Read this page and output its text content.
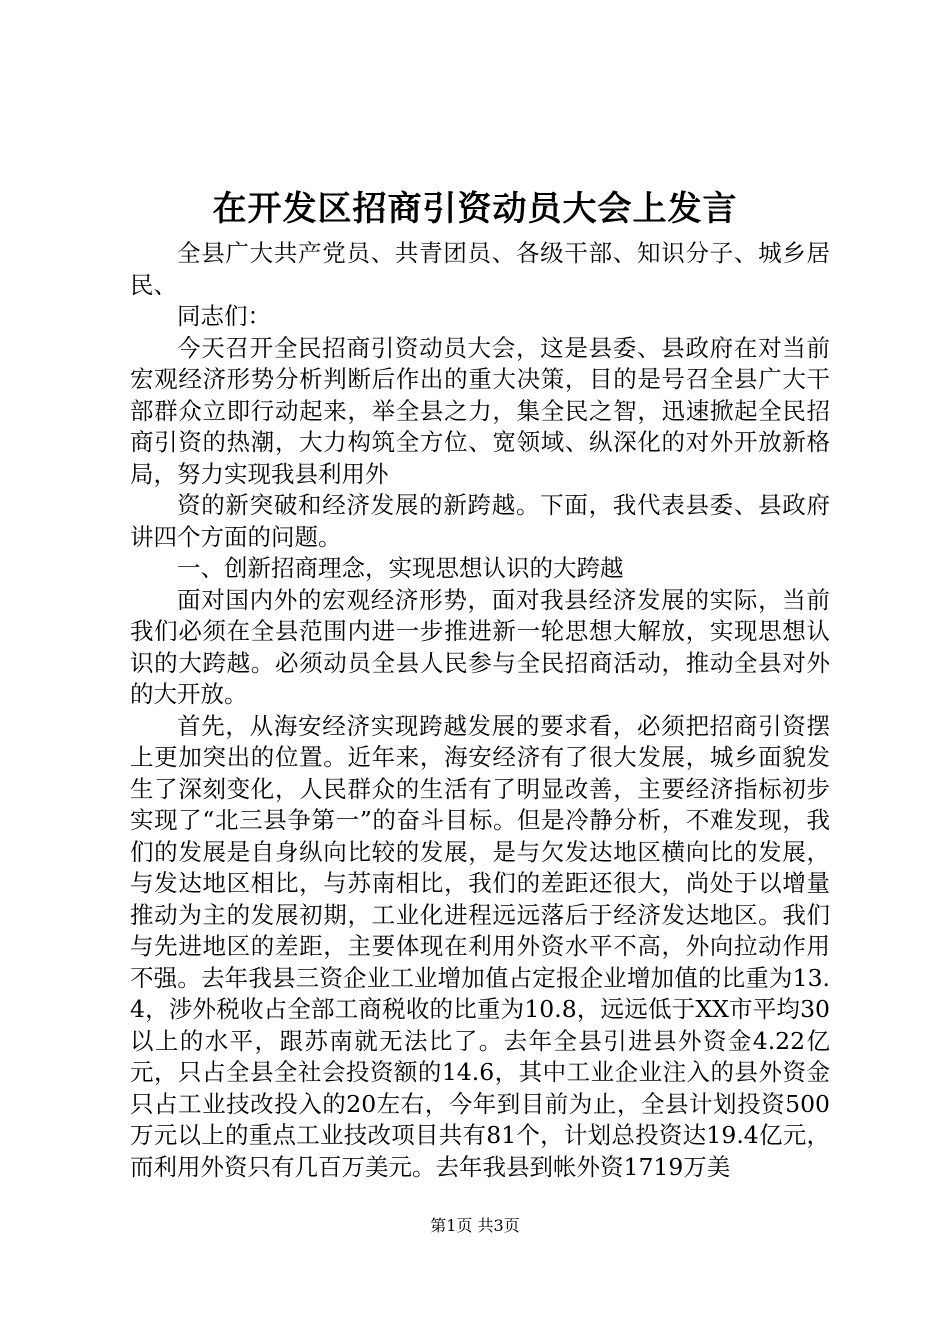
在开发区招商引资动员大会上发言

全县广大共产党员、共青团员、各级干部、知识分子、城乡居民、

同志们：

今天召开全民招商引资动员大会，这是县委、县政府在对当前宏观经济形势分析判断后作出的重大决策，目的是号召全县广大干部群众立即行动起来，举全县之力，集全民之智，迅速掀起全民招商引资的热潮，大力构筑全方位、宽领域、纵深化的对外开放新格局，努力实现我县利用外

资的新突破和经济发展的新跨越。下面，我代表县委、县政府讲四个方面的问题。

一、创新招商理念，实现思想认识的大跨越

面对国内外的宏观经济形势，面对我县经济发展的实际，当前我们必须在全县范围内进一步推进新一轮思想大解放，实现思想认识的大跨越。必须动员全县人民参与全民招商活动，推动全县对外的大开放。

首先，从海安经济实现跨越发展的要求看，必须把招商引资摆上更加突出的位置。近年来，海安经济有了很大发展，城乡面貌发生了深刻变化，人民群众的生活有了明显改善，主要经济指标初步实现了“北三县争第一”的奋斗目标。但是冷静分析，不难发现，我们的发展是自身纵向比较的发展，是与欠发达地区横向比的发展，与发达地区相比，与苏南相比，我们的差距还很大，尚处于以增量推动为主的发展初期，工业化进程远远落后于经济发达地区。我们与先进地区的差距，主要体现在利用外资水平不高，外向拉动作用不强。去年我县三资企业工业增加值占定报企业增加值的比重为13.4，涉外税收占全部工商税收的比重为10.8，远远低于XX市平均30以上的水平，跟苏南就无法比了。去年全县引进县外资金4.22亿元，只占全县全社会投资额的14.6，其中工业企业注入的县外资金只占工业技改投入的20左右，今年到目前为止，全县计划投资500万元以上的重点工业技改项目共有81个，计划总投资达19.4亿元，而利用外资只有几百万美元。去年我县到帐外资1719万美

第1页 共3页
